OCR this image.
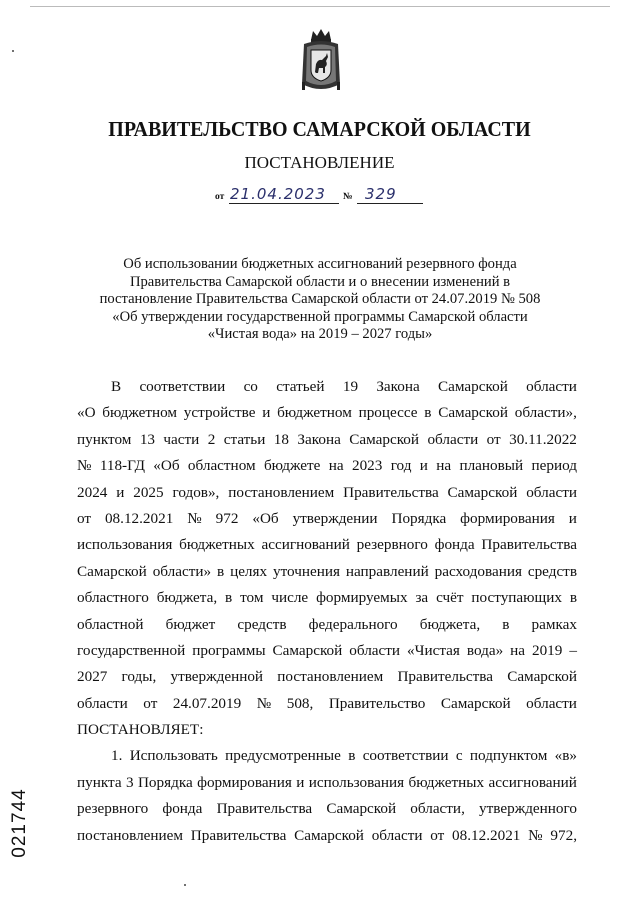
ПРАВИТЕЛЬСТВО САМАРСКОЙ ОБЛАСТИ
ПОСТАНОВЛЕНИЕ
от 21.04.2023 № 329
Об использовании бюджетных ассигнований резервного фонда
Правительства Самарской области и о внесении изменений в
постановление Правительства Самарской области от 24.07.2019 № 508
«Об утверждении государственной программы Самарской области
«Чистая вода» на 2019 – 2027 годы»
В соответствии со статьей 19 Закона Самарской области
«О бюджетном устройстве и бюджетном процессе в Самарской области»,
пунктом 13 части 2 статьи 18 Закона Самарской области от 30.11.2022
№ 118-ГД «Об областном бюджете на 2023 год и на плановый период
2024 и 2025 годов», постановлением Правительства Самарской области
от 08.12.2021 № 972 «Об утверждении Порядка формирования и
использования бюджетных ассигнований резервного фонда Правительства
Самарской области» в целях уточнения направлений расходования средств
областного бюджета, в том числе формируемых за счёт поступающих в
областной бюджет средств федерального бюджета, в рамках
государственной программы Самарской области «Чистая вода» на 2019 –
2027 годы, утвержденной постановлением Правительства Самарской
области от 24.07.2019 № 508, Правительство Самарской области
ПОСТАНОВЛЯЕТ:
1. Использовать предусмотренные в соответствии с подпунктом «в»
пункта 3 Порядка формирования и использования бюджетных ассигнований
резервного фонда Правительства Самарской области, утвержденного
постановлением Правительства Самарской области от 08.12.2021 № 972,
021744
